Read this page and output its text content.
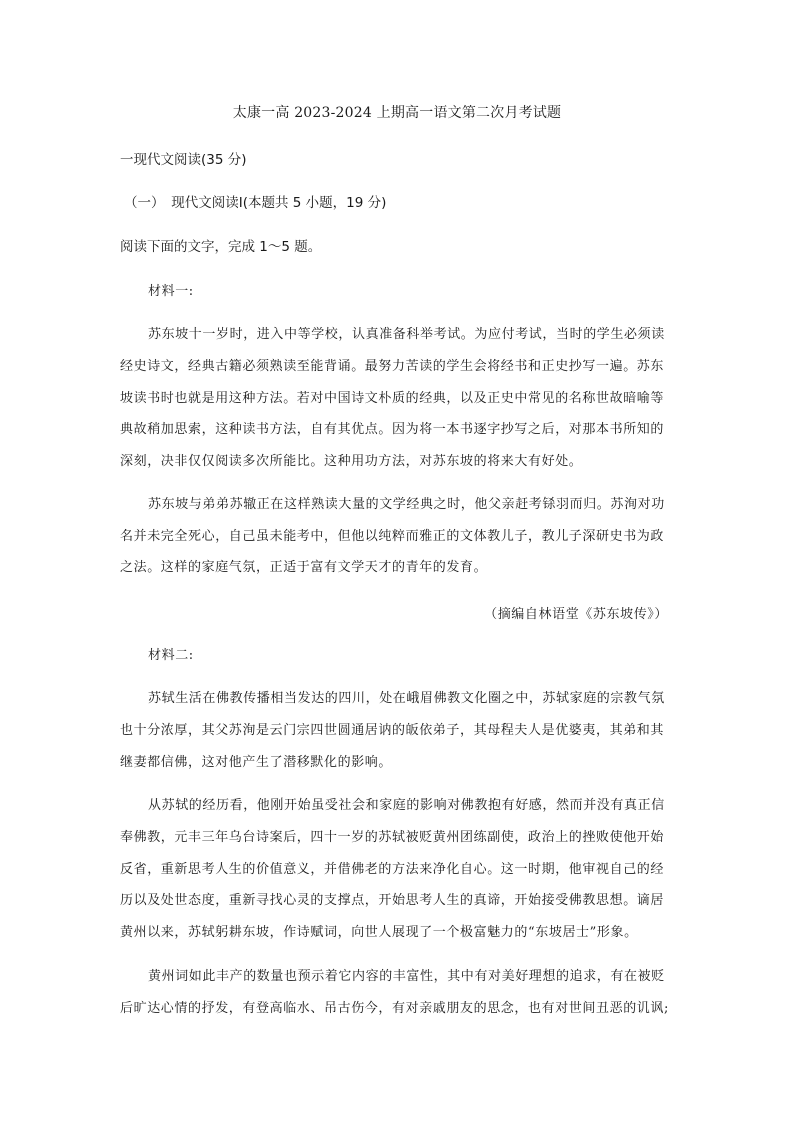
太康一高 2023-2024 上期高一语文第二次月考试题
一现代文阅读(35 分)
（一）　现代文阅读Ⅰ(本题共 5 小题，19 分)
阅读下面的文字，完成 1～5 题。
材料一:
苏东坡十一岁时，进入中等学校，认真准备科举考试。为应付考试，当时的学生必须读
经史诗文，经典古籍必须熟读至能背诵。最努力苦读的学生会将经书和正史抄写一遍。苏东
坡读书时也就是用这种方法。若对中国诗文朴质的经典，以及正史中常见的名称世故暗喻等
典故稍加思索，这种读书方法，自有其优点。因为将一本书逐字抄写之后，对那本书所知的
深刻，决非仅仅阅读多次所能比。这种用功方法，对苏东坡的将来大有好处。
苏东坡与弟弟苏辙正在这样熟读大量的文学经典之时，他父亲赶考铩羽而归。苏洵对功
名并未完全死心，自己虽未能考中，但他以纯粹而雅正的文体教儿子，教儿子深研史书为政
之法。这样的家庭气氛，正适于富有文学天才的青年的发育。
（摘编自林语堂《苏东坡传》）
材料二:
苏轼生活在佛教传播相当发达的四川，处在峨眉佛教文化圈之中，苏轼家庭的宗教气氛
也十分浓厚，其父苏洵是云门宗四世圆通居讷的皈依弟子，其母程夫人是优婆夷，其弟和其
继妻都信佛，这对他产生了潜移默化的影响。
从苏轼的经历看，他刚开始虽受社会和家庭的影响对佛教抱有好感，然而并没有真正信
奉佛教，元丰三年乌台诗案后，四十一岁的苏轼被贬黄州团练副使，政治上的挫败使他开始
反省，重新思考人生的价值意义，并借佛老的方法来净化自心。这一时期，他审视自己的经
历以及处世态度，重新寻找心灵的支撑点，开始思考人生的真谛，开始接受佛教思想。谪居
黄州以来，苏轼躬耕东坡，作诗赋词，向世人展现了一个极富魅力的“东坡居士”形象。
黄州词如此丰产的数量也预示着它内容的丰富性，其中有对美好理想的追求，有在被贬
后旷达心情的抒发，有登高临水、吊古伤今，有对亲戚朋友的思念，也有对世间丑恶的讥讽;
